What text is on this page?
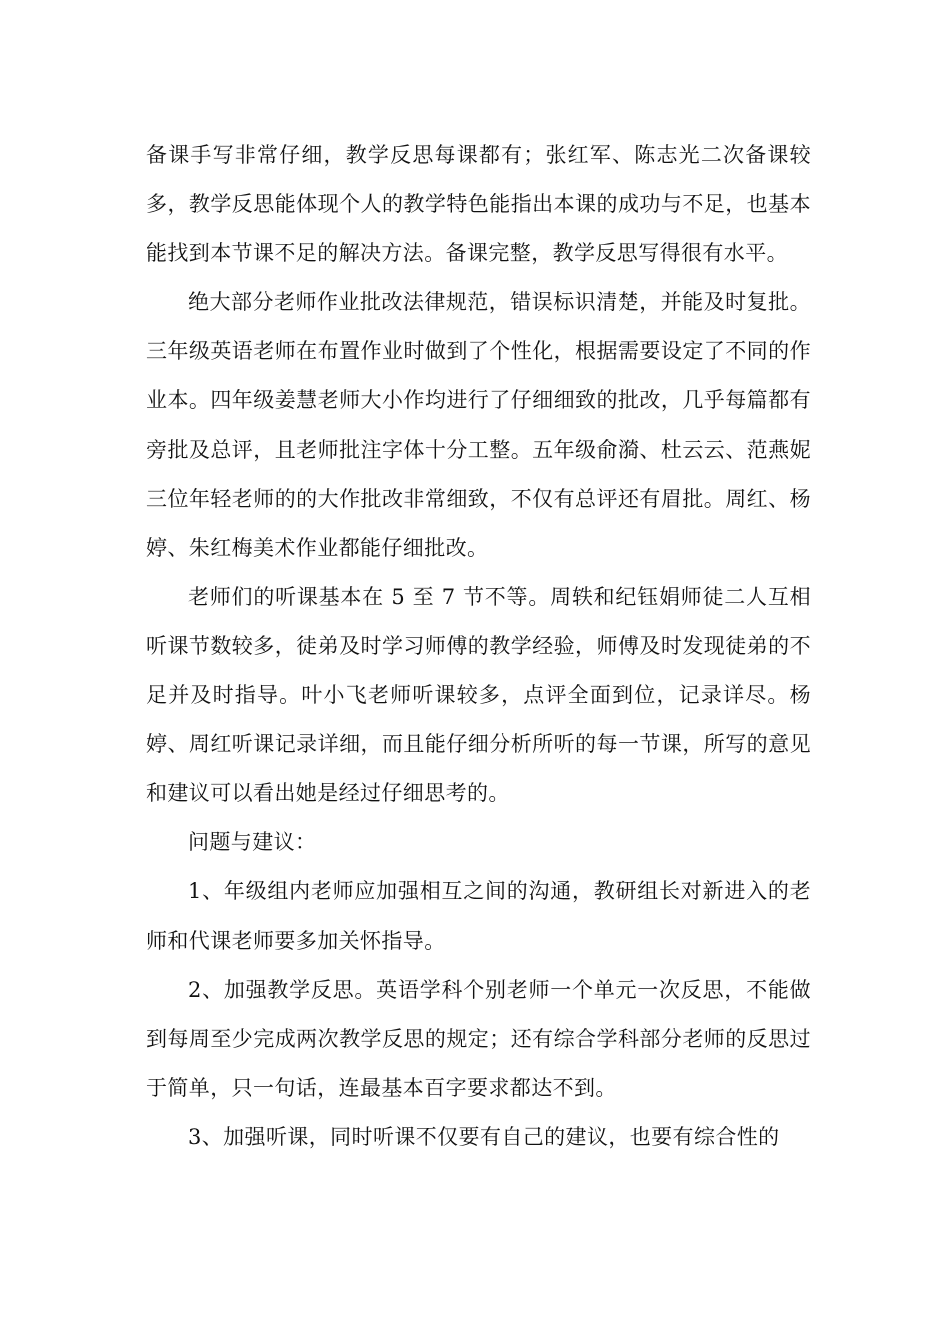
备课手写非常仔细，教学反思每课都有；张红军、陈志光二次备课较多，教学反思能体现个人的教学特色能指出本课的成功与不足，也基本能找到本节课不足的解决方法。备课完整，教学反思写得很有水平。

绝大部分老师作业批改法律规范，错误标识清楚，并能及时复批。三年级英语老师在布置作业时做到了个性化，根据需要设定了不同的作业本。四年级姜慧老师大小作均进行了仔细细致的批改，几乎每篇都有旁批及总评，且老师批注字体十分工整。五年级俞漪、杜云云、范燕妮三位年轻老师的的大作批改非常细致，不仅有总评还有眉批。周红、杨婷、朱红梅美术作业都能仔细批改。

老师们的听课基本在 5 至 7 节不等。周轶和纪钰娟师徒二人互相听课节数较多，徒弟及时学习师傅的教学经验，师傅及时发现徒弟的不足并及时指导。叶小飞老师听课较多，点评全面到位，记录详尽。杨婷、周红听课记录详细，而且能仔细分析所听的每一节课，所写的意见和建议可以看出她是经过仔细思考的。

问题与建议：

1、年级组内老师应加强相互之间的沟通，教研组长对新进入的老师和代课老师要多加关怀指导。

2、加强教学反思。英语学科个别老师一个单元一次反思，不能做到每周至少完成两次教学反思的规定；还有综合学科部分老师的反思过于简单，只一句话，连最基本百字要求都达不到。

3、加强听课，同时听课不仅要有自己的建议，也要有综合性的
